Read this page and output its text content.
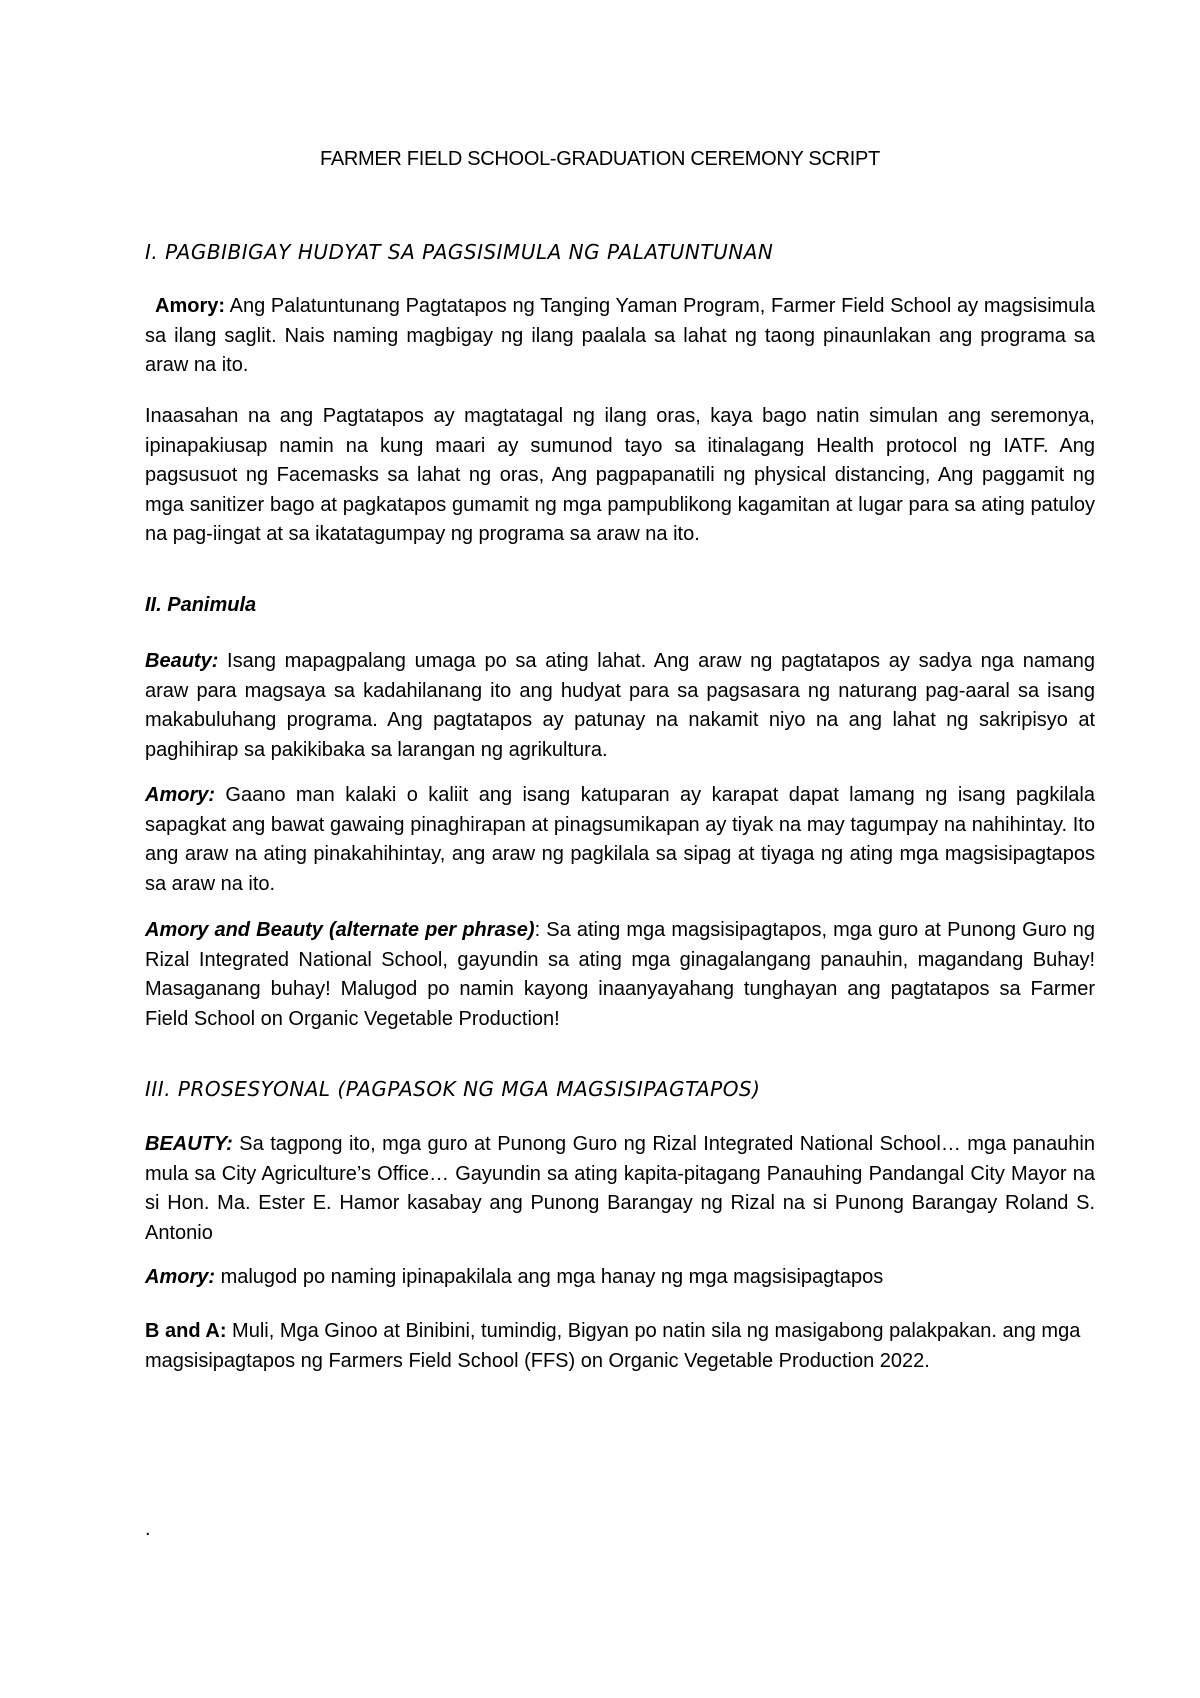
FARMER FIELD SCHOOL-GRADUATION CEREMONY SCRIPT
I. PAGBIBIGAY HUDYAT SA PAGSISIMULA NG PALATUNTUNAN

Amory: Ang Palatuntunang Pagtatapos ng Tanging Yaman Program, Farmer Field School ay magsisimula sa ilang saglit. Nais naming magbigay ng ilang paalala sa lahat ng taong pinaunlakan ang programa sa araw na ito.

Inaasahan na ang Pagtatapos ay magtatagal ng ilang oras, kaya bago natin simulan ang seremonya, ipinapakiusap namin na kung maari ay sumunod tayo sa itinalagang Health protocol ng IATF. Ang pagsusuot ng Facemasks sa lahat ng oras, Ang pagpapanatili ng physical distancing, Ang paggamit ng mga sanitizer bago at pagkatapos gumamit ng mga pampublikong kagamitan at lugar para sa ating patuloy na pag-iingat at sa ikatatagumpay ng programa sa araw na ito.

II. Panimula

Beauty: Isang mapagpalang umaga po sa ating lahat. Ang araw ng pagtatapos ay sadya nga namang araw para magsaya sa kadahilanang ito ang hudyat para sa pagsasara ng naturang pag-aaral sa isang makabuluhang programa. Ang pagtatapos ay patunay na nakamit niyo na ang lahat ng sakripisyo at paghihirap sa pakikibaka sa larangan ng agrikultura.

Amory: Gaano man kalaki o kaliit ang isang katuparan ay karapat dapat lamang ng isang pagkilala sapagkat ang bawat gawaing pinaghirapan at pinagsumikapan ay tiyak na may tagumpay na nahihintay. Ito ang araw na ating pinakahihintay, ang araw ng pagkilala sa sipag at tiyaga ng ating mga magsisipagtapos sa araw na ito.

Amory and Beauty (alternate per phrase): Sa ating mga magsisipagtapos, mga guro at Punong Guro ng Rizal Integrated National School, gayundin sa ating mga ginagalangang panauhin, magandang Buhay! Masaganang buhay! Malugod po namin kayong inaanyayahang tunghayan ang pagtatapos sa Farmer Field School on Organic Vegetable Production!

III. PROSESYONAL (PAGPASOK NG MGA MAGSISIPAGTAPOS)

BEAUTY: Sa tagpong ito, mga guro at Punong Guro ng Rizal Integrated National School… mga panauhin mula sa City Agriculture’s Office… Gayundin sa ating kapita-pitagang Panauhing Pandangal City Mayor na si Hon. Ma. Ester E. Hamor kasabay ang Punong Barangay ng Rizal na si Punong Barangay Roland S. Antonio

Amory: malugod po naming ipinapakilala ang mga hanay ng mga magsisipagtapos

B and A: Muli, Mga Ginoo at Binibini, tumindig, Bigyan po natin sila ng masigabong palakpakan. ang mga magsisipagtapos ng Farmers Field School (FFS) on Organic Vegetable Production 2022.

.
